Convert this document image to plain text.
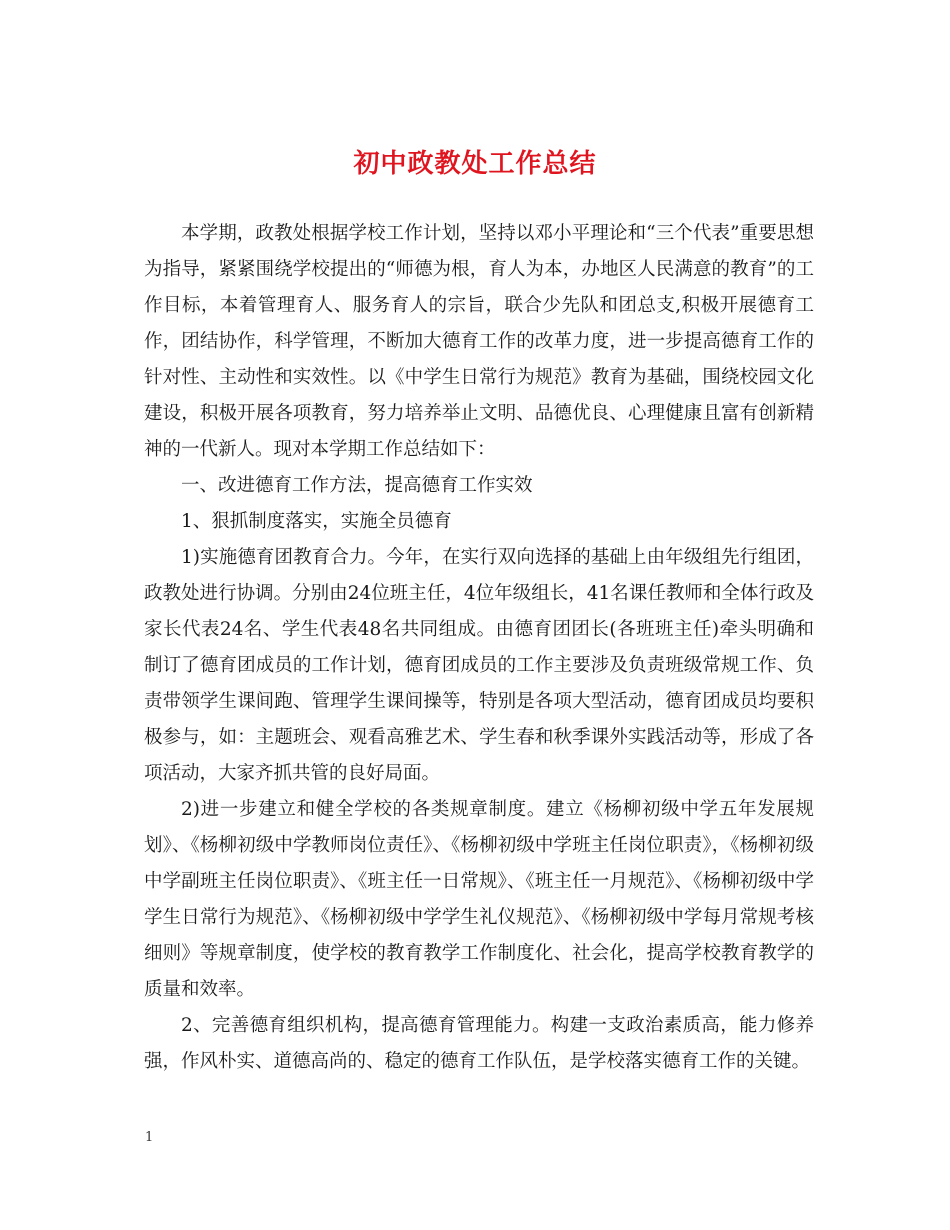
初中政教处工作总结

本学期，政教处根据学校工作计划，坚持以邓小平理论和“三个代表”重要思想为指导，紧紧围绕学校提出的“师德为根，育人为本，办地区人民满意的教育”的工作目标，本着管理育人、服务育人的宗旨，联合少先队和团总支,积极开展德育工作，团结协作，科学管理，不断加大德育工作的改革力度，进一步提高德育工作的针对性、主动性和实效性。以《中学生日常行为规范》教育为基础，围绕校园文化建设，积极开展各项教育，努力培养举止文明、品德优良、心理健康且富有创新精神的一代新人。现对本学期工作总结如下：

一、改进德育工作方法，提高德育工作实效

1、狠抓制度落实，实施全员德育

1)实施德育团教育合力。今年，在实行双向选择的基础上由年级组先行组团，政教处进行协调。分别由24位班主任，4位年级组长，41名课任教师和全体行政及家长代表24名、学生代表48名共同组成。由德育团团长(各班班主任)牵头明确和制订了德育团成员的工作计划，德育团成员的工作主要涉及负责班级常规工作、负责带领学生课间跑、管理学生课间操等，特别是各项大型活动，德育团成员均要积极参与，如：主题班会、观看高雅艺术、学生春和秋季课外实践活动等，形成了各项活动，大家齐抓共管的良好局面。

2)进一步建立和健全学校的各类规章制度。建立《杨柳初级中学五年发展规划》、《杨柳初级中学教师岗位责任》、《杨柳初级中学班主任岗位职责》，《杨柳初级中学副班主任岗位职责》、《班主任一日常规》、《班主任一月规范》、《杨柳初级中学学生日常行为规范》、《杨柳初级中学学生礼仪规范》、《杨柳初级中学每月常规考核细则》等规章制度，使学校的教育教学工作制度化、社会化，提高学校教育教学的质量和效率。

2、完善德育组织机构，提高德育管理能力。构建一支政治素质高，能力修养强，作风朴实、道德高尚的、稳定的德育工作队伍，是学校落实德育工作的关键。

1
